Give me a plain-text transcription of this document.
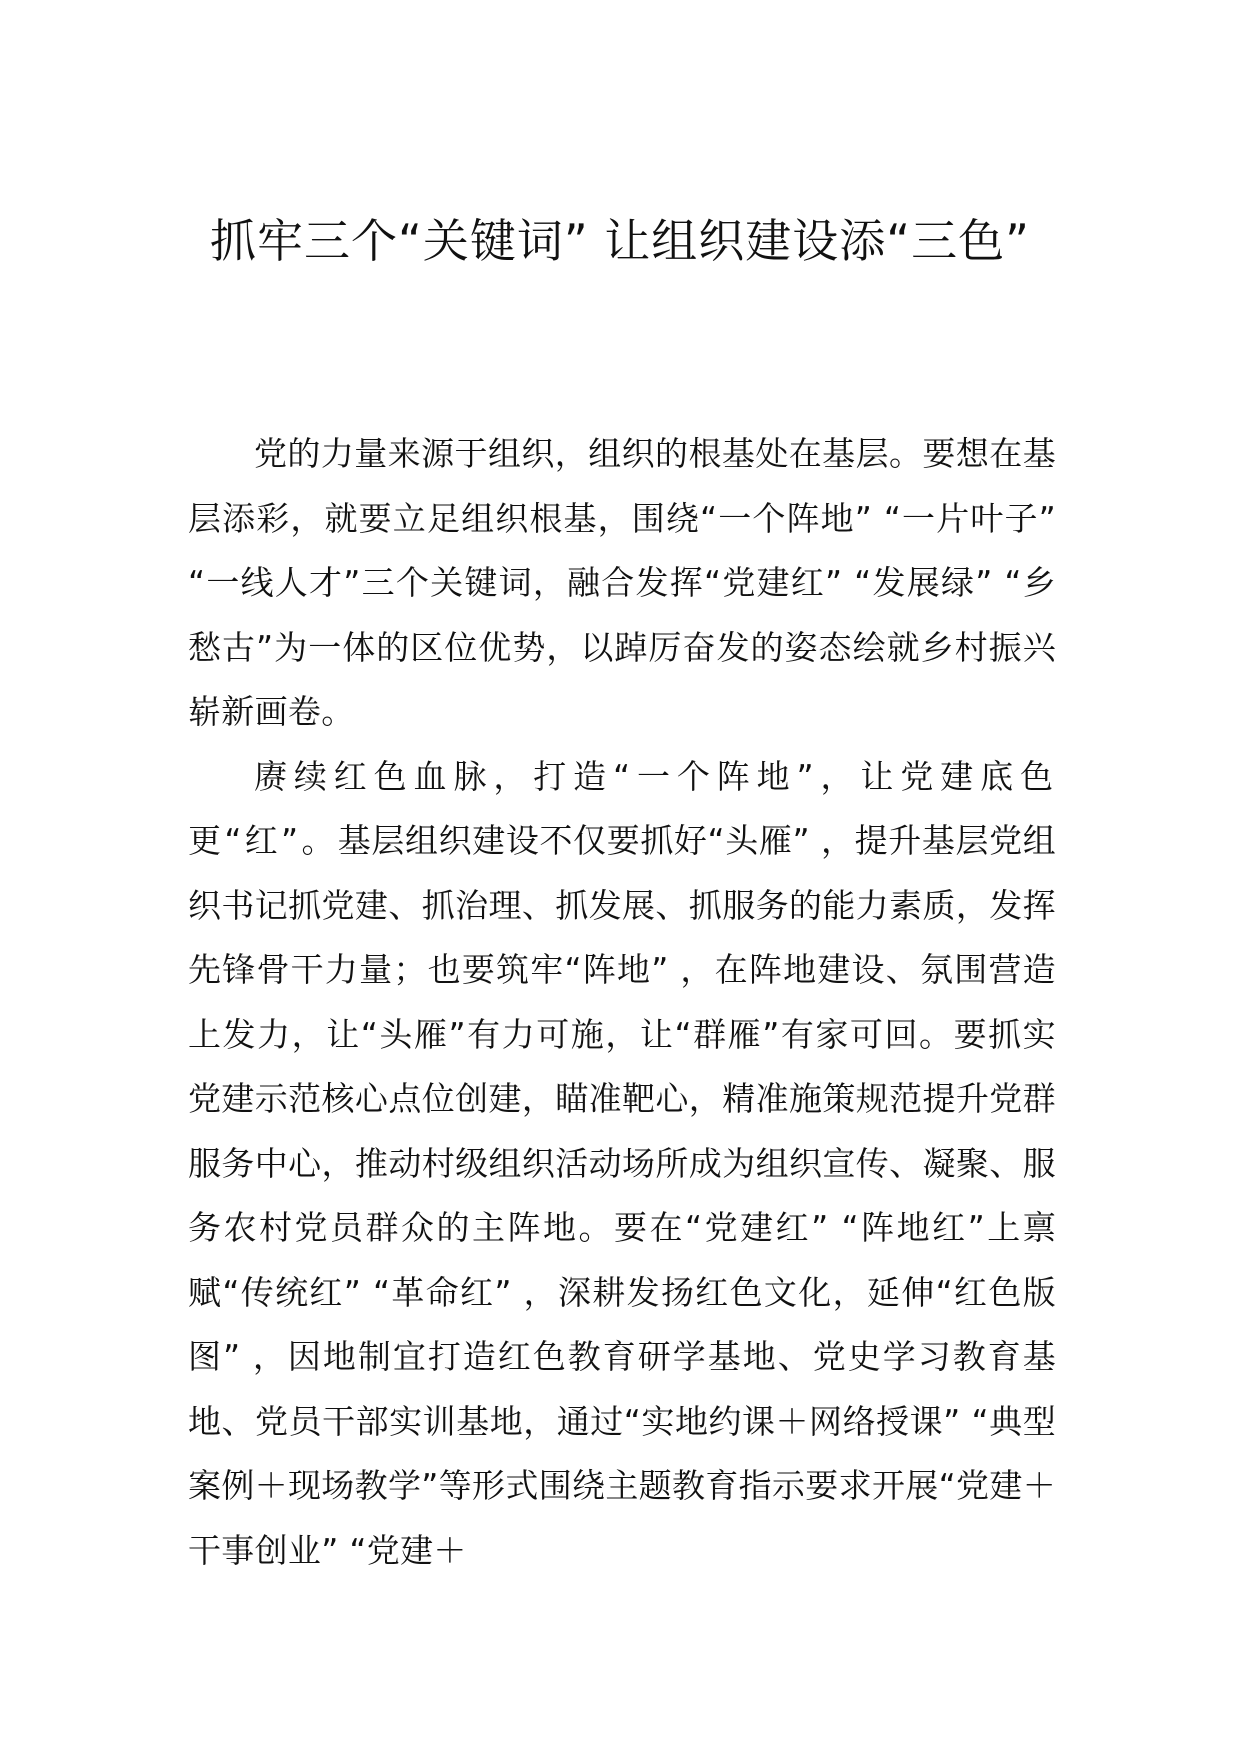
抓牢三个“关键词” 让组织建设添“三色”

党的力量来源于组织，组织的根基处在基层。要想在基层添彩，就要立足组织根基，围绕“一个阵地” “一片叶子” “一线人才”三个关键词，融合发挥“党建红” “发展绿” “乡愁古”为一体的区位优势，以踔厉奋发的姿态绘就乡村振兴崭新画卷。

赓续红色血脉，打造“一个阵地”，让党建底色更“红”。基层组织建设不仅要抓好“头雁” ，提升基层党组织书记抓党建、抓治理、抓发展、抓服务的能力素质，发挥先锋骨干力量；也要筑牢“阵地” ，在阵地建设、氛围营造上发力，让“头雁”有力可施，让“群雁”有家可回。要抓实党建示范核心点位创建，瞄准靶心，精准施策规范提升党群服务中心，推动村级组织活动场所成为组织宣传、凝聚、服务农村党员群众的主阵地。要在“党建红” “阵地红”上禀赋“传统红” “革命红” ，深耕发扬红色文化，延伸“红色版图” ，因地制宜打造红色教育研学基地、党史学习教育基地、党员干部实训基地，通过“实地约课＋网络授课” “典型案例＋现场教学”等形式围绕主题教育指示要求开展“党建＋干事创业” “党建＋
